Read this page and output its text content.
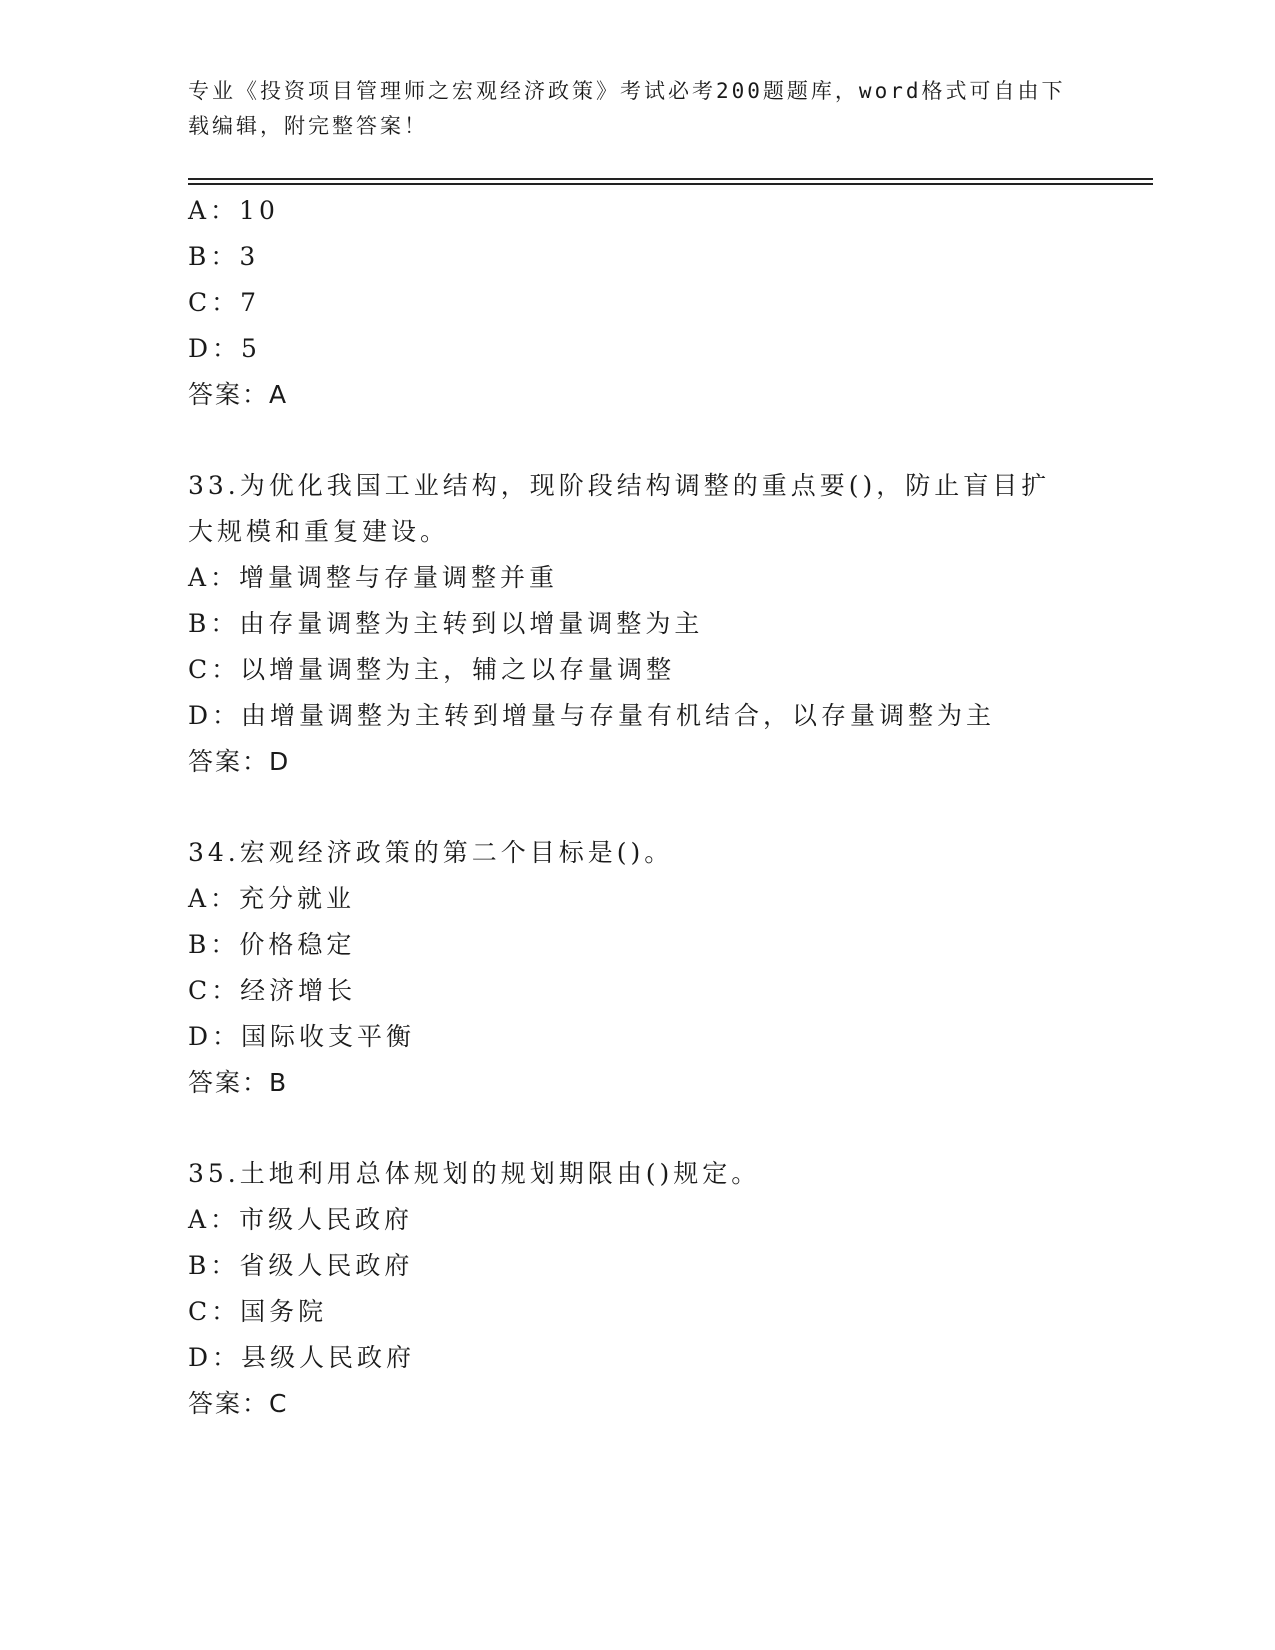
专业《投资项目管理师之宏观经济政策》考试必考200题题库，word格式可自由下载编辑，附完整答案！
A：10
B：3
C：7
D：5
答案：A
33.为优化我国工业结构，现阶段结构调整的重点要()，防止盲目扩大规模和重复建设。
A：增量调整与存量调整并重
B：由存量调整为主转到以增量调整为主
C：以增量调整为主，辅之以存量调整
D：由增量调整为主转到增量与存量有机结合，以存量调整为主
答案：D
34.宏观经济政策的第二个目标是()。
A：充分就业
B：价格稳定
C：经济增长
D：国际收支平衡
答案：B
35.土地利用总体规划的规划期限由()规定。
A：市级人民政府
B：省级人民政府
C：国务院
D：县级人民政府
答案：C
